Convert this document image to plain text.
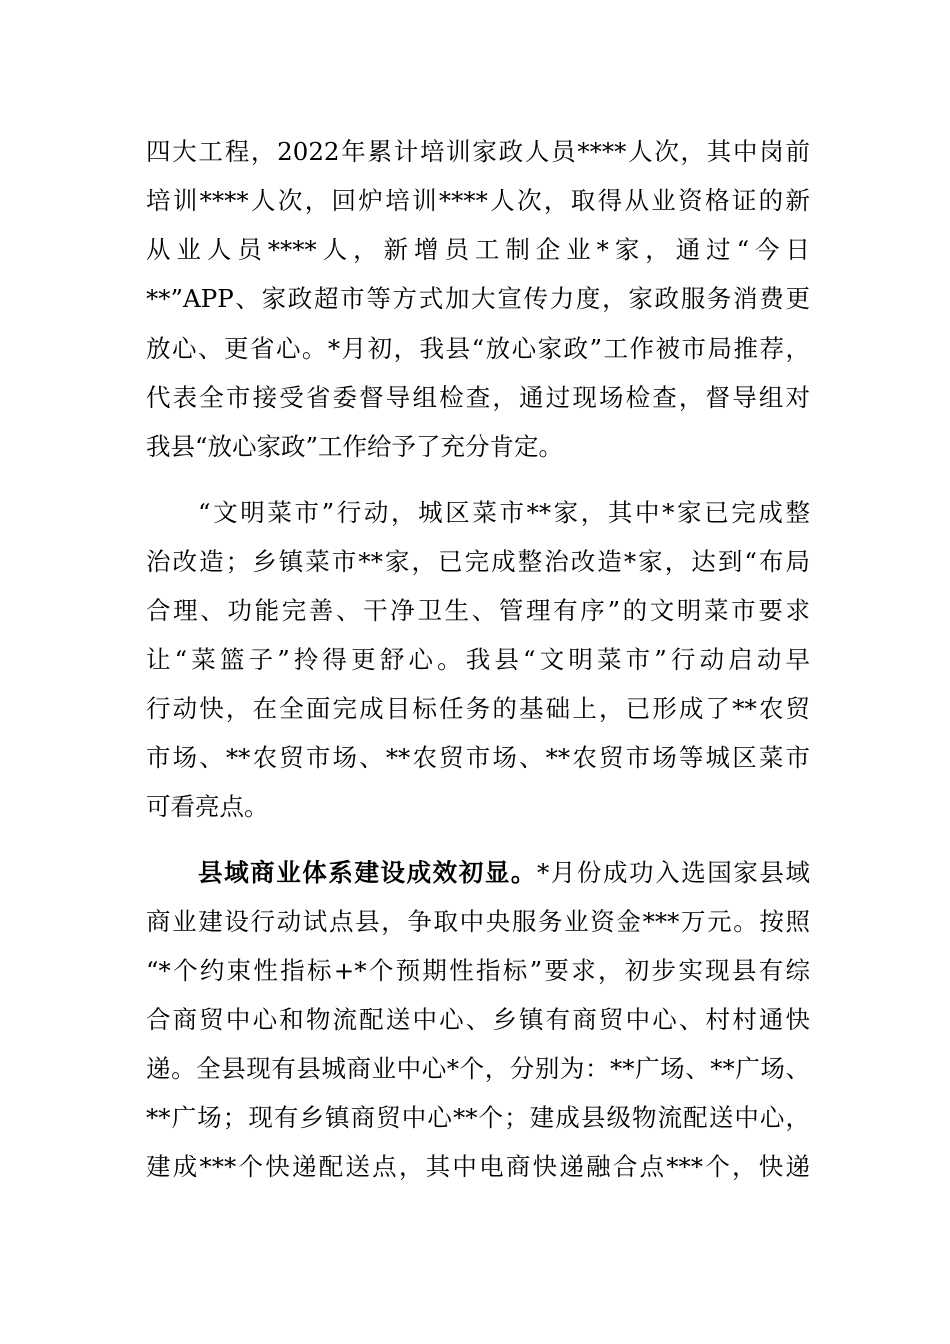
四大工程，2022年累计培训家政人员****人次，其中岗前
培训****人次，回炉培训****人次，取得从业资格证的新
从业人员****人，新增员工制企业*家，通过“今日
**”APP、家政超市等方式加大宣传力度，家政服务消费更
放心、更省心。*月初，我县“放心家政”工作被市局推荐，
代表全市接受省委督导组检查，通过现场检查，督导组对
我县“放心家政”工作给予了充分肯定。
“文明菜市”行动，城区菜市**家，其中*家已完成整
治改造；乡镇菜市**家，已完成整治改造*家，达到“布局
合理、功能完善、干净卫生、管理有序”的文明菜市要求
让“菜篮子”拎得更舒心。我县“文明菜市”行动启动早
行动快，在全面完成目标任务的基础上，已形成了**农贸
市场、**农贸市场、**农贸市场、**农贸市场等城区菜市
可看亮点。
县域商业体系建设成效初显。*月份成功入选国家县域
商业建设行动试点县，争取中央服务业资金***万元。按照
“*个约束性指标+*个预期性指标”要求，初步实现县有综
合商贸中心和物流配送中心、乡镇有商贸中心、村村通快
递。全县现有县城商业中心*个，分别为：**广场、**广场、
**广场；现有乡镇商贸中心**个；建成县级物流配送中心，
建成***个快递配送点，其中电商快递融合点***个，快递
